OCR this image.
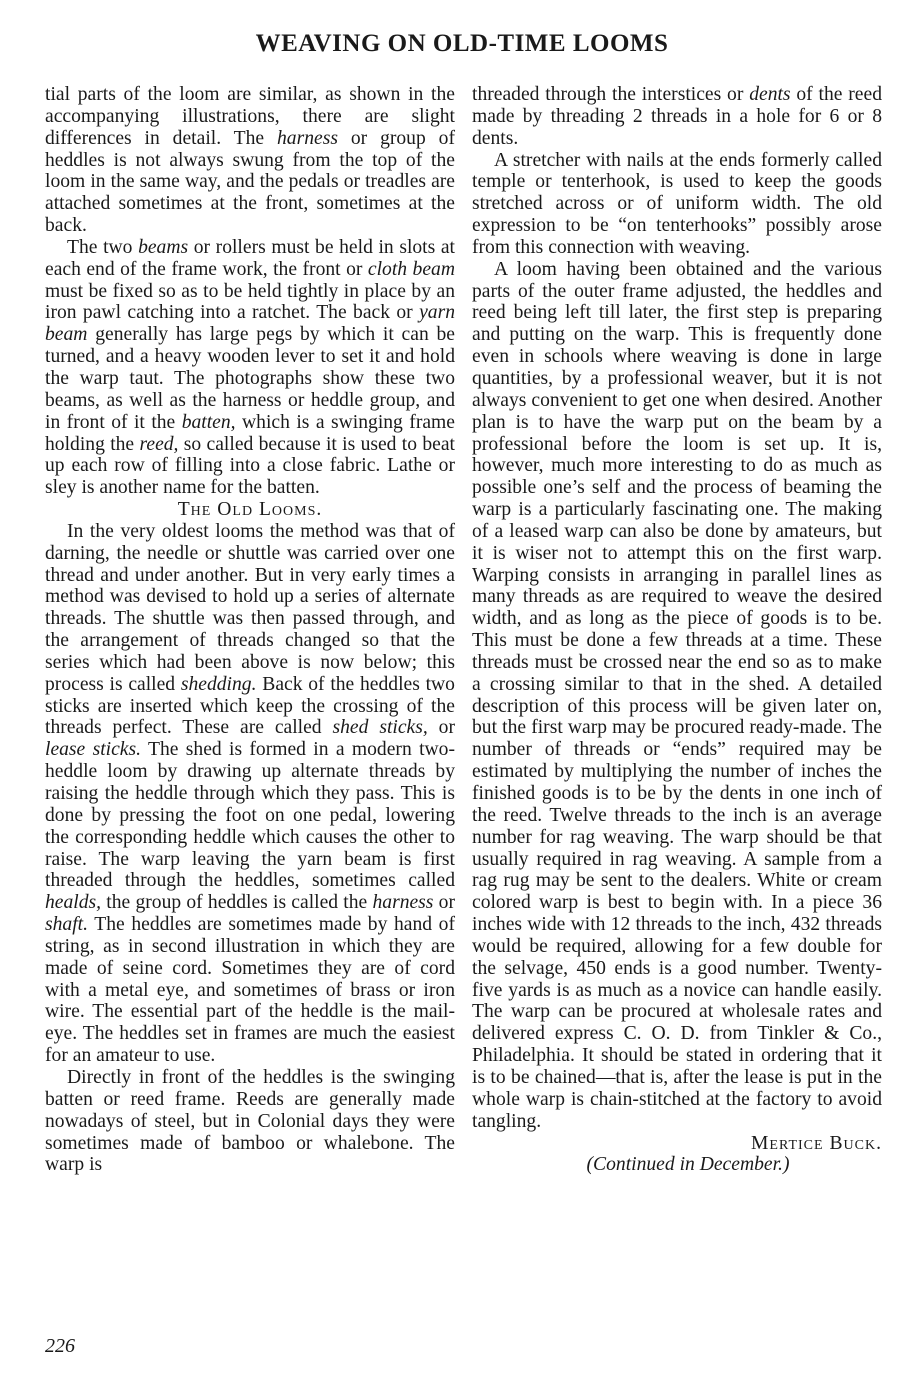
WEAVING ON OLD-TIME LOOMS

tial parts of the loom are similar, as shown in the accompanying illustrations, there are slight differences in detail. The harness or group of heddles is not always swung from the top of the loom in the same way, and the pedals or treadles are attached sometimes at the front, sometimes at the back.

The two beams or rollers must be held in slots at each end of the frame work, the front or cloth beam must be fixed so as to be held tightly in place by an iron pawl catching into a ratchet. The back or yarn beam generally has large pegs by which it can be turned, and a heavy wooden lever to set it and hold the warp taut. The photographs show these two beams, as well as the harness or heddle group, and in front of it the batten, which is a swinging frame holding the reed, so called because it is used to beat up each row of filling into a close fabric. Lathe or sley is another name for the batten.

The Old Looms.

In the very oldest looms the method was that of darning, the needle or shuttle was carried over one thread and under another. But in very early times a method was devised to hold up a series of alternate threads. The shuttle was then passed through, and the arrangement of threads changed so that the series which had been above is now below; this process is called shedding. Back of the heddles two sticks are inserted which keep the crossing of the threads perfect. These are called shed sticks, or lease sticks. The shed is formed in a modern two-heddle loom by drawing up alternate threads by raising the heddle through which they pass. This is done by pressing the foot on one pedal, lowering the corresponding heddle which causes the other to raise. The warp leaving the yarn beam is first threaded through the heddles, sometimes called healds, the group of heddles is called the harness or shaft. The heddles are sometimes made by hand of string, as in second illustration in which they are made of seine cord. Sometimes they are of cord with a metal eye, and sometimes of brass or iron wire. The essential part of the heddle is the mail-eye. The heddles set in frames are much the easiest for an amateur to use.

Directly in front of the heddles is the swinging batten or reed frame. Reeds are generally made nowadays of steel, but in Colonial days they were sometimes made of bamboo or whalebone. The warp is

threaded through the interstices or dents of the reed made by threading 2 threads in a hole for 6 or 8 dents.

A stretcher with nails at the ends formerly called temple or tenterhook, is used to keep the goods stretched across or of uniform width. The old expression to be “on tenterhooks” possibly arose from this connection with weaving.

A loom having been obtained and the various parts of the outer frame adjusted, the heddles and reed being left till later, the first step is preparing and putting on the warp. This is frequently done even in schools where weaving is done in large quantities, by a professional weaver, but it is not always convenient to get one when desired. Another plan is to have the warp put on the beam by a professional before the loom is set up. It is, however, much more interesting to do as much as possible one’s self and the process of beaming the warp is a particularly fascinating one. The making of a leased warp can also be done by amateurs, but it is wiser not to attempt this on the first warp. Warping consists in arranging in parallel lines as many threads as are required to weave the desired width, and as long as the piece of goods is to be. This must be done a few threads at a time. These threads must be crossed near the end so as to make a crossing similar to that in the shed. A detailed description of this process will be given later on, but the first warp may be procured ready-made. The number of threads or “ends” required may be estimated by multiplying the number of inches the finished goods is to be by the dents in one inch of the reed. Twelve threads to the inch is an average number for rag weaving. The warp should be that usually required in rag weaving. A sample from a rag rug may be sent to the dealers. White or cream colored warp is best to begin with. In a piece 36 inches wide with 12 threads to the inch, 432 threads would be required, allowing for a few double for the selvage, 450 ends is a good number. Twenty-five yards is as much as a novice can handle easily. The warp can be procured at wholesale rates and delivered express C. O. D. from Tinkler & Co., Philadelphia. It should be stated in ordering that it is to be chained—that is, after the lease is put in the whole warp is chain-stitched at the factory to avoid tangling.

Mertice Buck.

(Continued in December.)

226
